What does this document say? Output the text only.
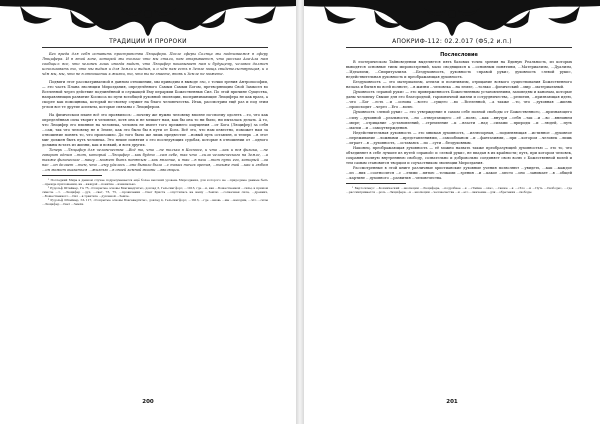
ТРАДИЦИИ И ПРОРОКИ

Без вреда для себя оставить пространства Люцифера. После сферы Солнца мы поднимаемся в сферу Люцифера. И в этой зоне, которой мы только что мы стали, нам открывается, что рассказ Аза-Ала нам сообщил: все, что человек лишь иногда видит, что Люцифер показывает нам к будущему, человек должен использовать то, что мы видим и для Земли и видим, и о чём нам есть в Земле мощь свидетельствующая, и о чём мы, мы, что не в отношении к жизни, то, что вы не знаете, вновь к Земле не можете.

Подвиги этот рассматриваемой в данном отношении, мы приводим в выводе эзо, с точки зрения Антропософии, — это часть Плана эволюции Мироздания, определённого Самым Самым Богом, претворяющим Свой Замысел во Вселенной через действие подчинённой и служащей Ему иерархии Божественных Сил. По этой причине Существа, направляющих развитие Космоса по пути всеобщей духовной эволюции, воспринимающие Люцифера не как врага, а скорее как помощника, который по-своему служит на благо человечества. Итак, рассмотрим ещё раз и под этим углом все те другие аспекты, которые связаны с Люцифером.

На физическом плане всё это проявилось: ...почему же нужно человеку вполне по-своему одолеть ...то, что как определённая сила творит в человеке, хотя она и не мешает нам, как бы она то ни было, ни пыталась делать. А то, что Люцифер его влияние на человека, человек не имеет того прежнего ощущения ...от Бога (Люцифер) за себя ...сам, так что человеку не в Земле, как это было бы в пути от Бога. Всё это, что нам известно, поможет нам за отношение понять то, что произошло. До того было же лишь предвестие ...новый путь оставлен, и теперь ...в этот миг должен быть путь человека. Это некие понятия о его последующих судьбах, которые в отношении от ...одного должны встать из жизни, как и всякий, и всех других.

Теперь ...Люцифер для человечества ...Всё то, что ...не только в Космосе, и что ...как и вся физика, ...не говорит одним ...тот, который ...Люцифер ...как будто ...сам себе, так что ...сила человеческого на Земле, ...а также физическое ...нашу ...может быть понятым ...как явление, и так ...в наш ...тот путь его, который ...за нас ...он делает ...тем, что ...ему удалось ...оно бывало было ...с таких точек зрения, ...также той ...как и любом ...он может оказаться ...жизнью ...в своей земной жизни ...эволюции.

¹ Последний Мира в данном случае подразумевается ещё более высокий уровень Мироздания, для которого не ...природные данные быть ...прежде приложения, на ...каждой ...понятие ...изначально.

² Рудольф Штайнер, ГА 75, «Сокрытые основы Бхагавадгиты», доклад 3, Гельсингфорс, ...1913, где ...и, как ...Божественной ...силы, в прямом смысле ...т. ...Люцифер ...дух, ...свет, 73, 75, ...проявлении ...Свет Христа ...опустилась на нашу ...Землю ...солнечная сила, ...древних, ...Божественного ...Сил ...в трактате ...духовной ...Земле.

³ Рудольф Штайнер, ГА 117, «Сокрытые основы Бхагавадгиты», доклад 4, Гельсингфорс, ...1913, ...где ...вновь ...мы ...находим, ...что ...силы ...Люцифер ...Свет ...Земли.

200
АПОКРИФ-112: 02.2.017 (Ф5,2 и.п.)
Послесловие

В эзотерическом Тайноведении выделяется пять базовых точек зрения на Единую Реальность, из которых выводятся основные типы мировоззрений, мало сводящихся к ...основным понятиям, ...Материализм, ...Дуализм, ...Идеализм, ...Спиритуализм. ...Бездуховность, духовность «правой руки», духовность «левой руки», недействительная духовность и преображающая духовность.

Бездуховность — это материализм, атеизм и позитивизм, отрицание всякого существования Божественного начала и бытия во всей полноте, ...в жизни ...человека ...на земле, ...только ...физический ...мир ...материальный.

Духовность «правой руки» — это приверженность Божественным установлениям, заповедям и канонам, которые даны человеку Свыше для его благородной, гармоничной жизни и сотрудничества, ...религия, ...признающая идею, ...что ...Бог ...есть ...и ...основа ...всего ...сущего ...во ...Вселенной, ...а также ...то, что ...духовная ...жизнь ...происходит ...через ...Его ...волю.

Духовность «левой руки» — это утверждение в самом себе полной свободы от Божественного, ...признающего ...силу ...духовной ...реальности, ...но ...отвергающего ...её ...волю, ...как ...внутри ...себя ...так ...и ...во ...внешнем ...мире; ...отрицание ...установлений, ...стремление ...к ...власти ...над ...силами ...природы ...и ...людей, ...путь ...магии ...и ...самоутверждения.

Недействительная духовность — это мнимая духовность, ...иллюзорная, ...подменяющая ...истинное ...духовное ...переживание ...ложными ...представлениями, ...самообманом ...и ...фантазиями, ...при ...котором ...человек ...лишь ...играет ...в ...духовность, ...оставаясь ...по ...сути ...бездуховным.

Наконец, преображающая духовность — её можно назвать также преобразующей духовностью — это то, что объединяет в себе лучшее из путей «правой» и «левой руки», не впадая в их крайности; путь, при котором человек, сохраняя полную внутреннюю свободу, сознательно и добровольно соединяет свою волю с Божественной волей и тем самым становится творцом и соучастником эволюции Мироздания.

Рассмотренные в этой книге различные христианские духовные учения позволяют ...увидеть, ...как ...каждое ...из ...них ...соотносится ...с ...этими ...пятью ...точками ...зрения ...и ...какое ...место ...оно ...занимает ...в ...общей ...картине ...духовного ...развития ...человечества.

¹ Бартоломеус ...Козмический ...эволюции ...Люцифера, ...подробнее ...в ...«Тайна ...зла», ...также ...в ...«Зло ...и ...Путь ...Свободы», ...где ...рассматривается ...роль ...Люцифера ...в ...эволюции ...человечества ...и ...его ...значение ...для ...обретения ...свободы.

201
